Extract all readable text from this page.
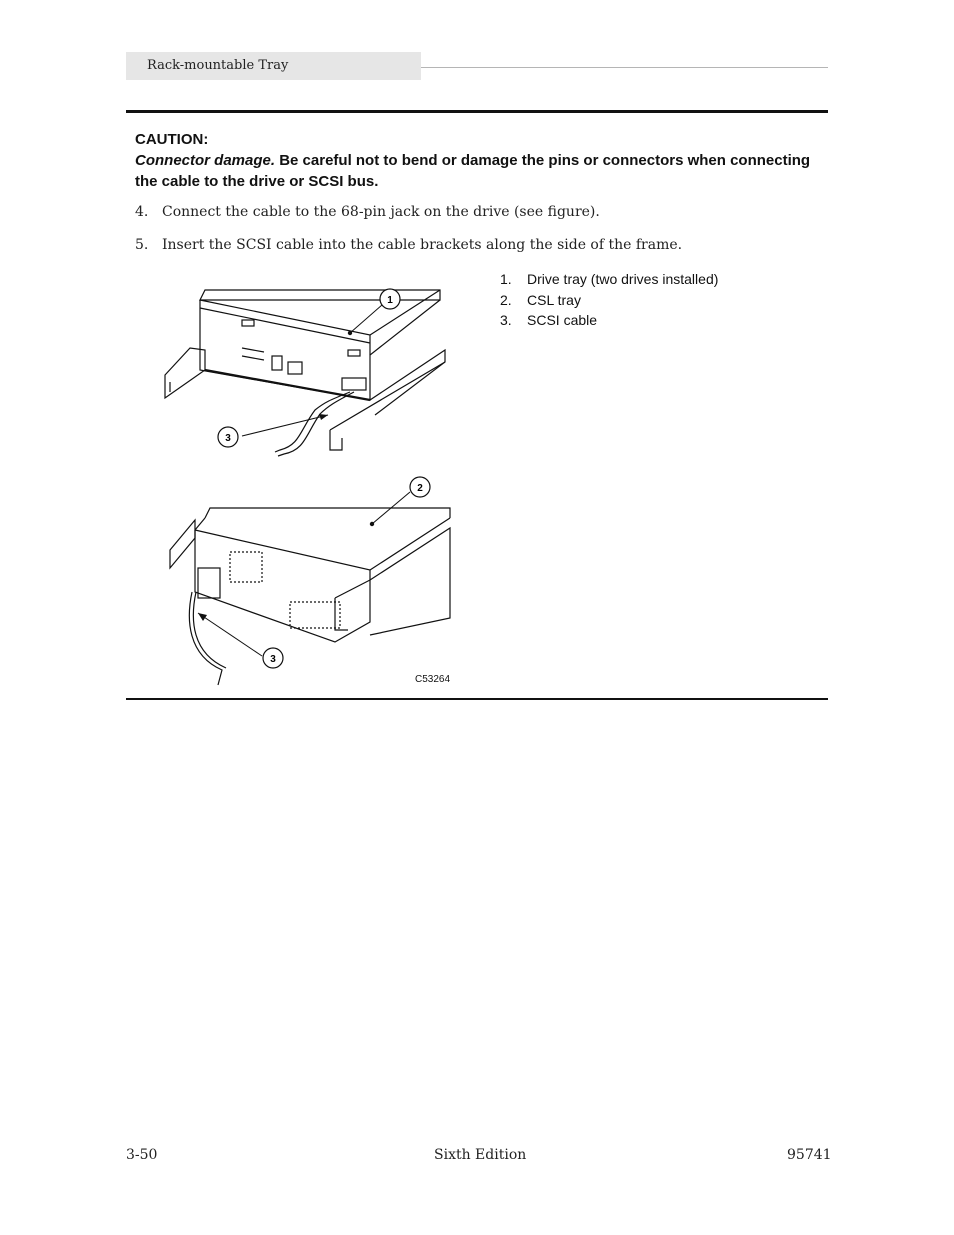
Rack-mountable Tray
CAUTION:
Connector damage. Be careful not to bend or damage the pins or connectors when connecting the cable to the drive or SCSI bus.
4. Connect the cable to the 68-pin jack on the drive (see figure).
5. Insert the SCSI cable into the cable brackets along the side of the frame.
1.	Drive tray (two drives installed)
2.	CSL tray
3.	SCSI cable
1
3
2
3
C53264
3-50	Sixth Edition	95741
